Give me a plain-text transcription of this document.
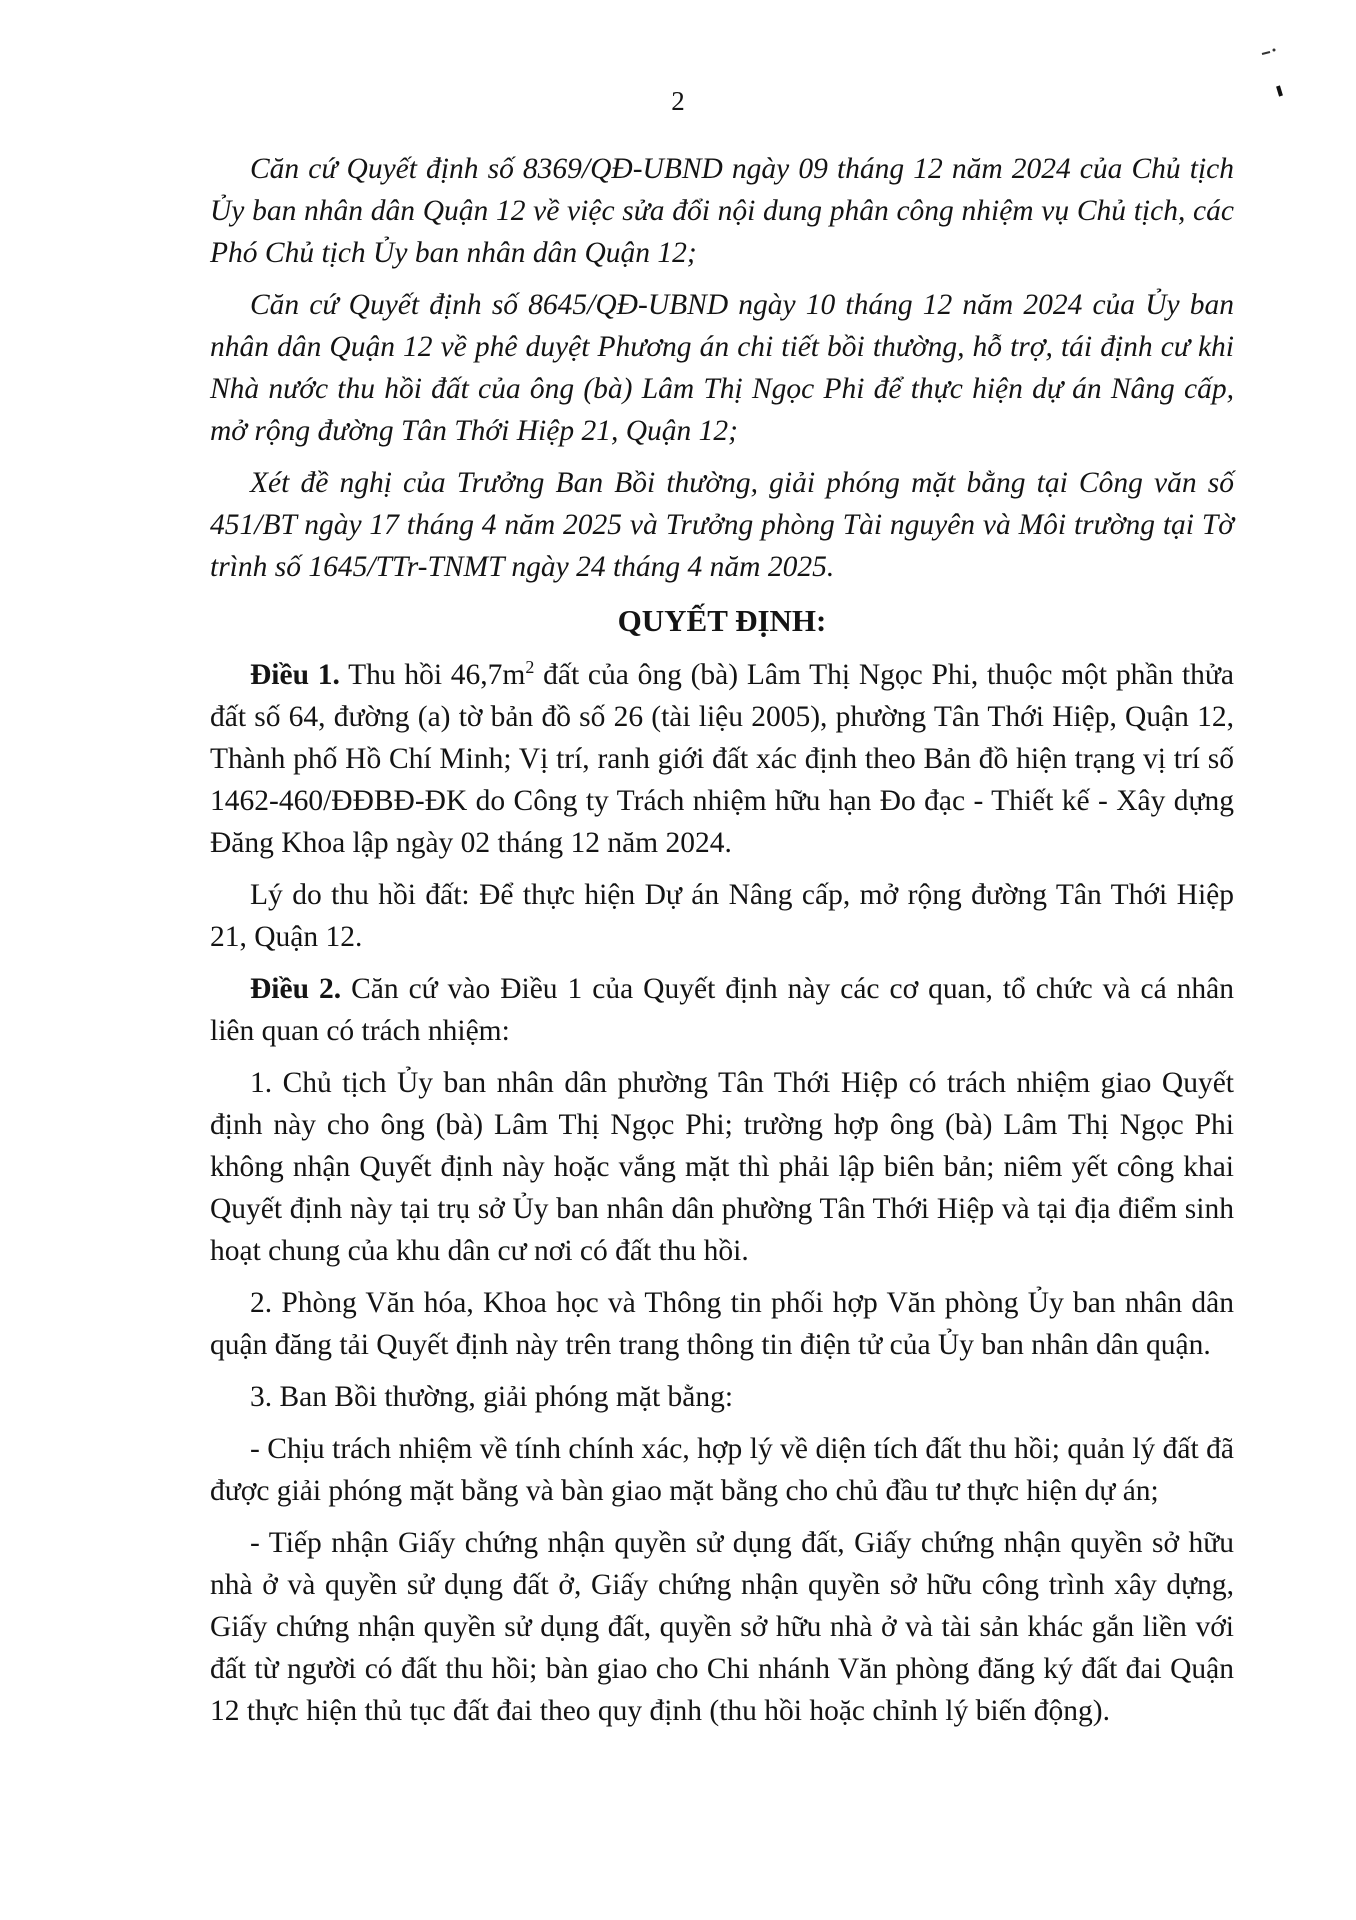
2

Căn cứ Quyết định số 8369/QĐ-UBND ngày 09 tháng 12 năm 2024 của Chủ tịch Ủy ban nhân dân Quận 12 về việc sửa đổi nội dung phân công nhiệm vụ Chủ tịch, các Phó Chủ tịch Ủy ban nhân dân Quận 12;

Căn cứ Quyết định số 8645/QĐ-UBND ngày 10 tháng 12 năm 2024 của Ủy ban nhân dân Quận 12 về phê duyệt Phương án chi tiết bồi thường, hỗ trợ, tái định cư khi Nhà nước thu hồi đất của ông (bà) Lâm Thị Ngọc Phi để thực hiện dự án Nâng cấp, mở rộng đường Tân Thới Hiệp 21, Quận 12;

Xét đề nghị của Trưởng Ban Bồi thường, giải phóng mặt bằng tại Công văn số 451/BT ngày 17 tháng 4 năm 2025 và Trưởng phòng Tài nguyên và Môi trường tại Tờ trình số 1645/TTr-TNMT ngày 24 tháng 4 năm 2025.

QUYẾT ĐỊNH:

Điều 1. Thu hồi $46,7m^2$ đất của ông (bà) Lâm Thị Ngọc Phi, thuộc một phần thửa đất số 64, đường (a) tờ bản đồ số 26 (tài liệu 2005), phường Tân Thới Hiệp, Quận 12, Thành phố Hồ Chí Minh; Vị trí, ranh giới đất xác định theo Bản đồ hiện trạng vị trí số 1462-460/ĐĐBĐ-ĐK do Công ty Trách nhiệm hữu hạn Đo đạc - Thiết kế - Xây dựng Đăng Khoa lập ngày 02 tháng 12 năm 2024.

Lý do thu hồi đất: Để thực hiện Dự án Nâng cấp, mở rộng đường Tân Thới Hiệp 21, Quận 12.

Điều 2. Căn cứ vào Điều 1 của Quyết định này các cơ quan, tổ chức và cá nhân liên quan có trách nhiệm:

1. Chủ tịch Ủy ban nhân dân phường Tân Thới Hiệp có trách nhiệm giao Quyết định này cho ông (bà) Lâm Thị Ngọc Phi; trường hợp ông (bà) Lâm Thị Ngọc Phi không nhận Quyết định này hoặc vắng mặt thì phải lập biên bản; niêm yết công khai Quyết định này tại trụ sở Ủy ban nhân dân phường Tân Thới Hiệp và tại địa điểm sinh hoạt chung của khu dân cư nơi có đất thu hồi.

2. Phòng Văn hóa, Khoa học và Thông tin phối hợp Văn phòng Ủy ban nhân dân quận đăng tải Quyết định này trên trang thông tin điện tử của Ủy ban nhân dân quận.

3. Ban Bồi thường, giải phóng mặt bằng:

- Chịu trách nhiệm về tính chính xác, hợp lý về diện tích đất thu hồi; quản lý đất đã được giải phóng mặt bằng và bàn giao mặt bằng cho chủ đầu tư thực hiện dự án;

- Tiếp nhận Giấy chứng nhận quyền sử dụng đất, Giấy chứng nhận quyền sở hữu nhà ở và quyền sử dụng đất ở, Giấy chứng nhận quyền sở hữu công trình xây dựng, Giấy chứng nhận quyền sử dụng đất, quyền sở hữu nhà ở và tài sản khác gắn liền với đất từ người có đất thu hồi; bàn giao cho Chi nhánh Văn phòng đăng ký đất đai Quận 12 thực hiện thủ tục đất đai theo quy định (thu hồi hoặc chỉnh lý biến động).
